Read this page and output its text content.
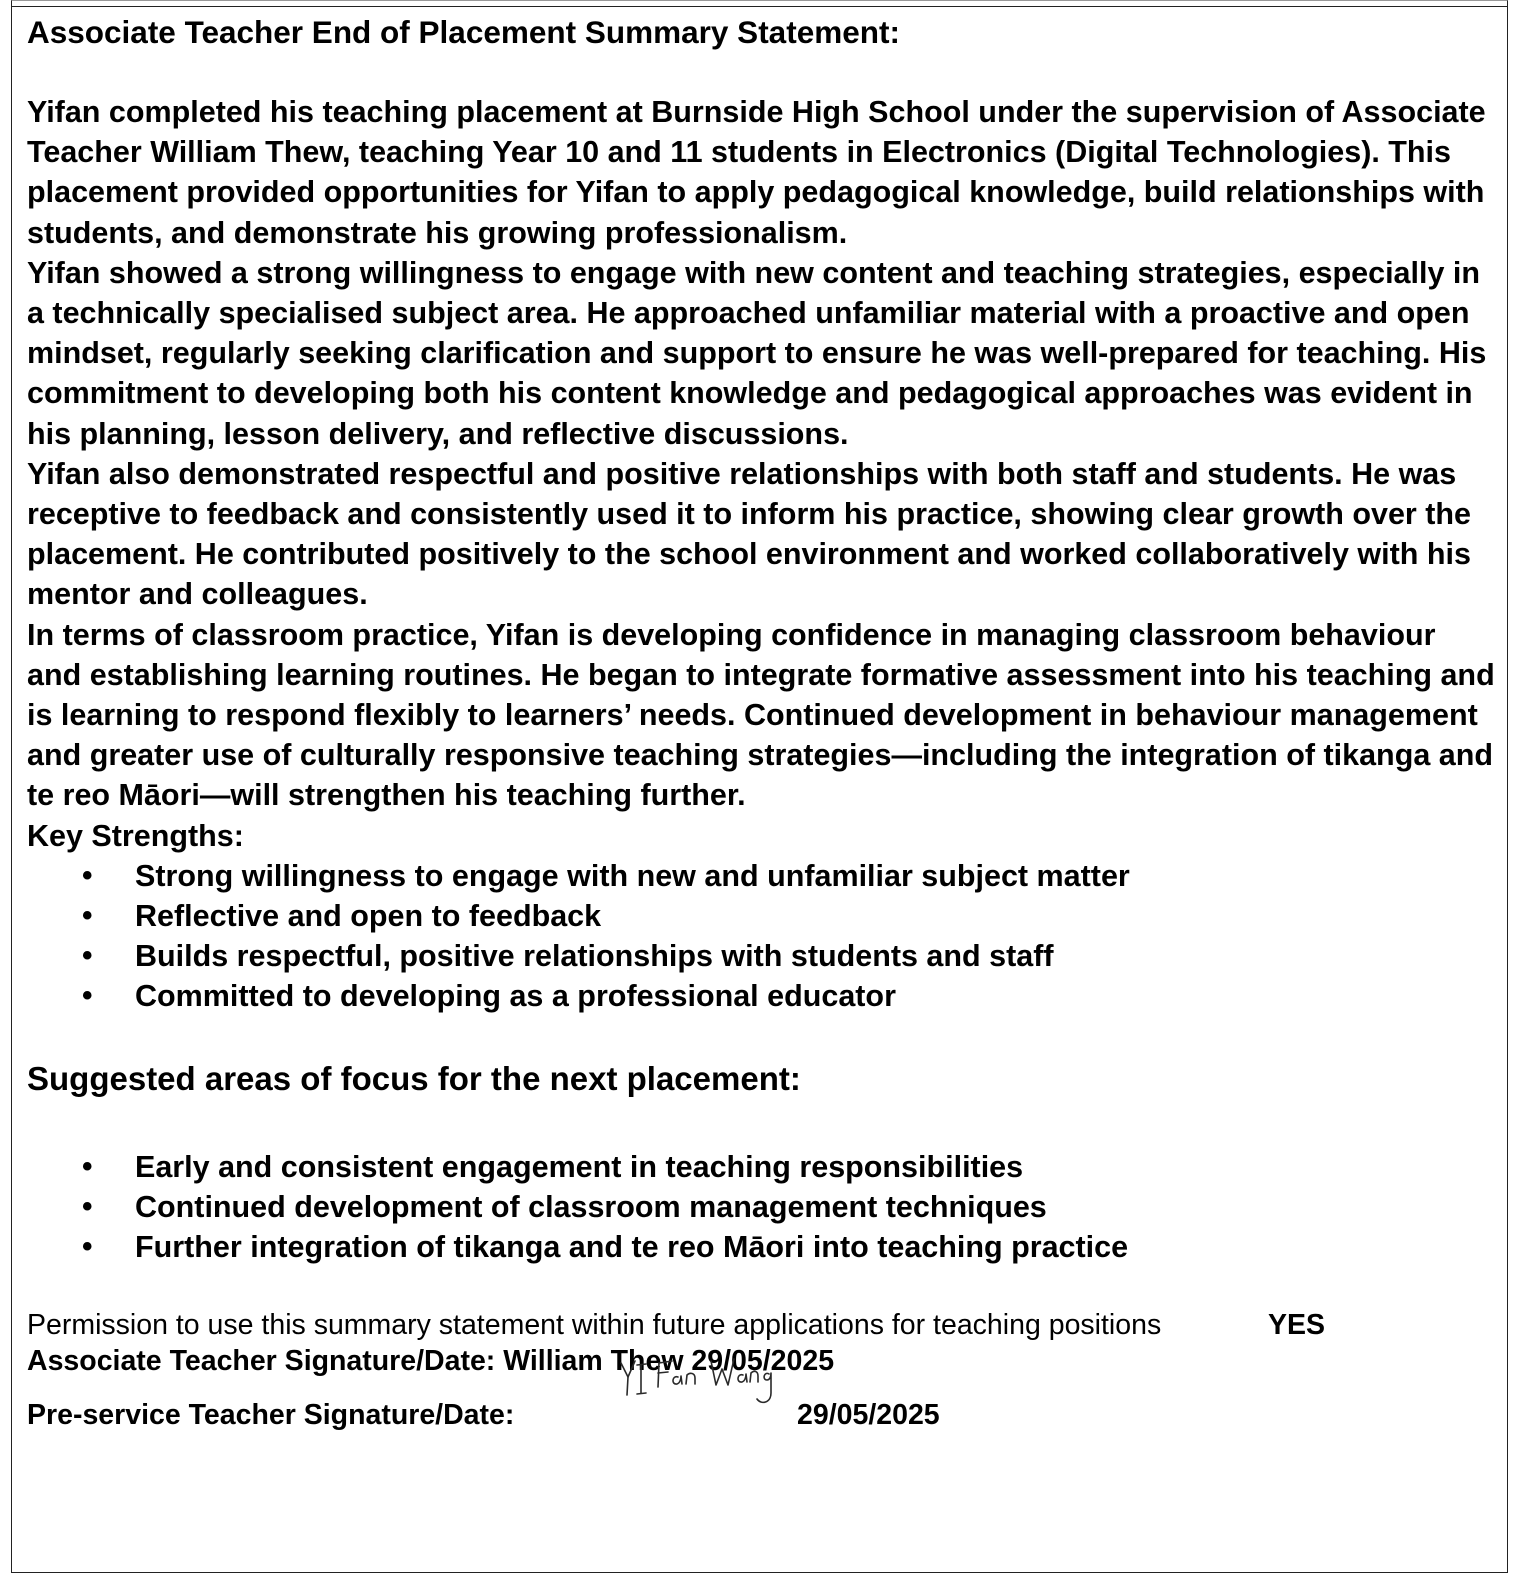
Associate Teacher End of Placement Summary Statement:

Yifan completed his teaching placement at Burnside High School under the supervision of Associate Teacher William Thew, teaching Year 10 and 11 students in Electronics (Digital Technologies). This placement provided opportunities for Yifan to apply pedagogical knowledge, build relationships with students, and demonstrate his growing professionalism.

Yifan showed a strong willingness to engage with new content and teaching strategies, especially in a technically specialised subject area. He approached unfamiliar material with a proactive and open mindset, regularly seeking clarification and support to ensure he was well-prepared for teaching. His commitment to developing both his content knowledge and pedagogical approaches was evident in his planning, lesson delivery, and reflective discussions.

Yifan also demonstrated respectful and positive relationships with both staff and students. He was receptive to feedback and consistently used it to inform his practice, showing clear growth over the placement. He contributed positively to the school environment and worked collaboratively with his mentor and colleagues.

In terms of classroom practice, Yifan is developing confidence in managing classroom behaviour and establishing learning routines. He began to integrate formative assessment into his teaching and is learning to respond flexibly to learners’ needs. Continued development in behaviour management and greater use of culturally responsive teaching strategies—including the integration of tikanga and te reo Māori—will strengthen his teaching further.

Key Strengths:
• Strong willingness to engage with new and unfamiliar subject matter
• Reflective and open to feedback
• Builds respectful, positive relationships with students and staff
• Committed to developing as a professional educator
Suggested areas of focus for the next placement:
• Early and consistent engagement in teaching responsibilities
• Continued development of classroom management techniques
• Further integration of tikanga and te reo Māori into teaching practice
Permission to use this summary statement within future applications for teaching positions	YES
Associate Teacher Signature/Date: William Thew 29/05/2025
Pre-service Teacher Signature/Date:	29/05/2025
